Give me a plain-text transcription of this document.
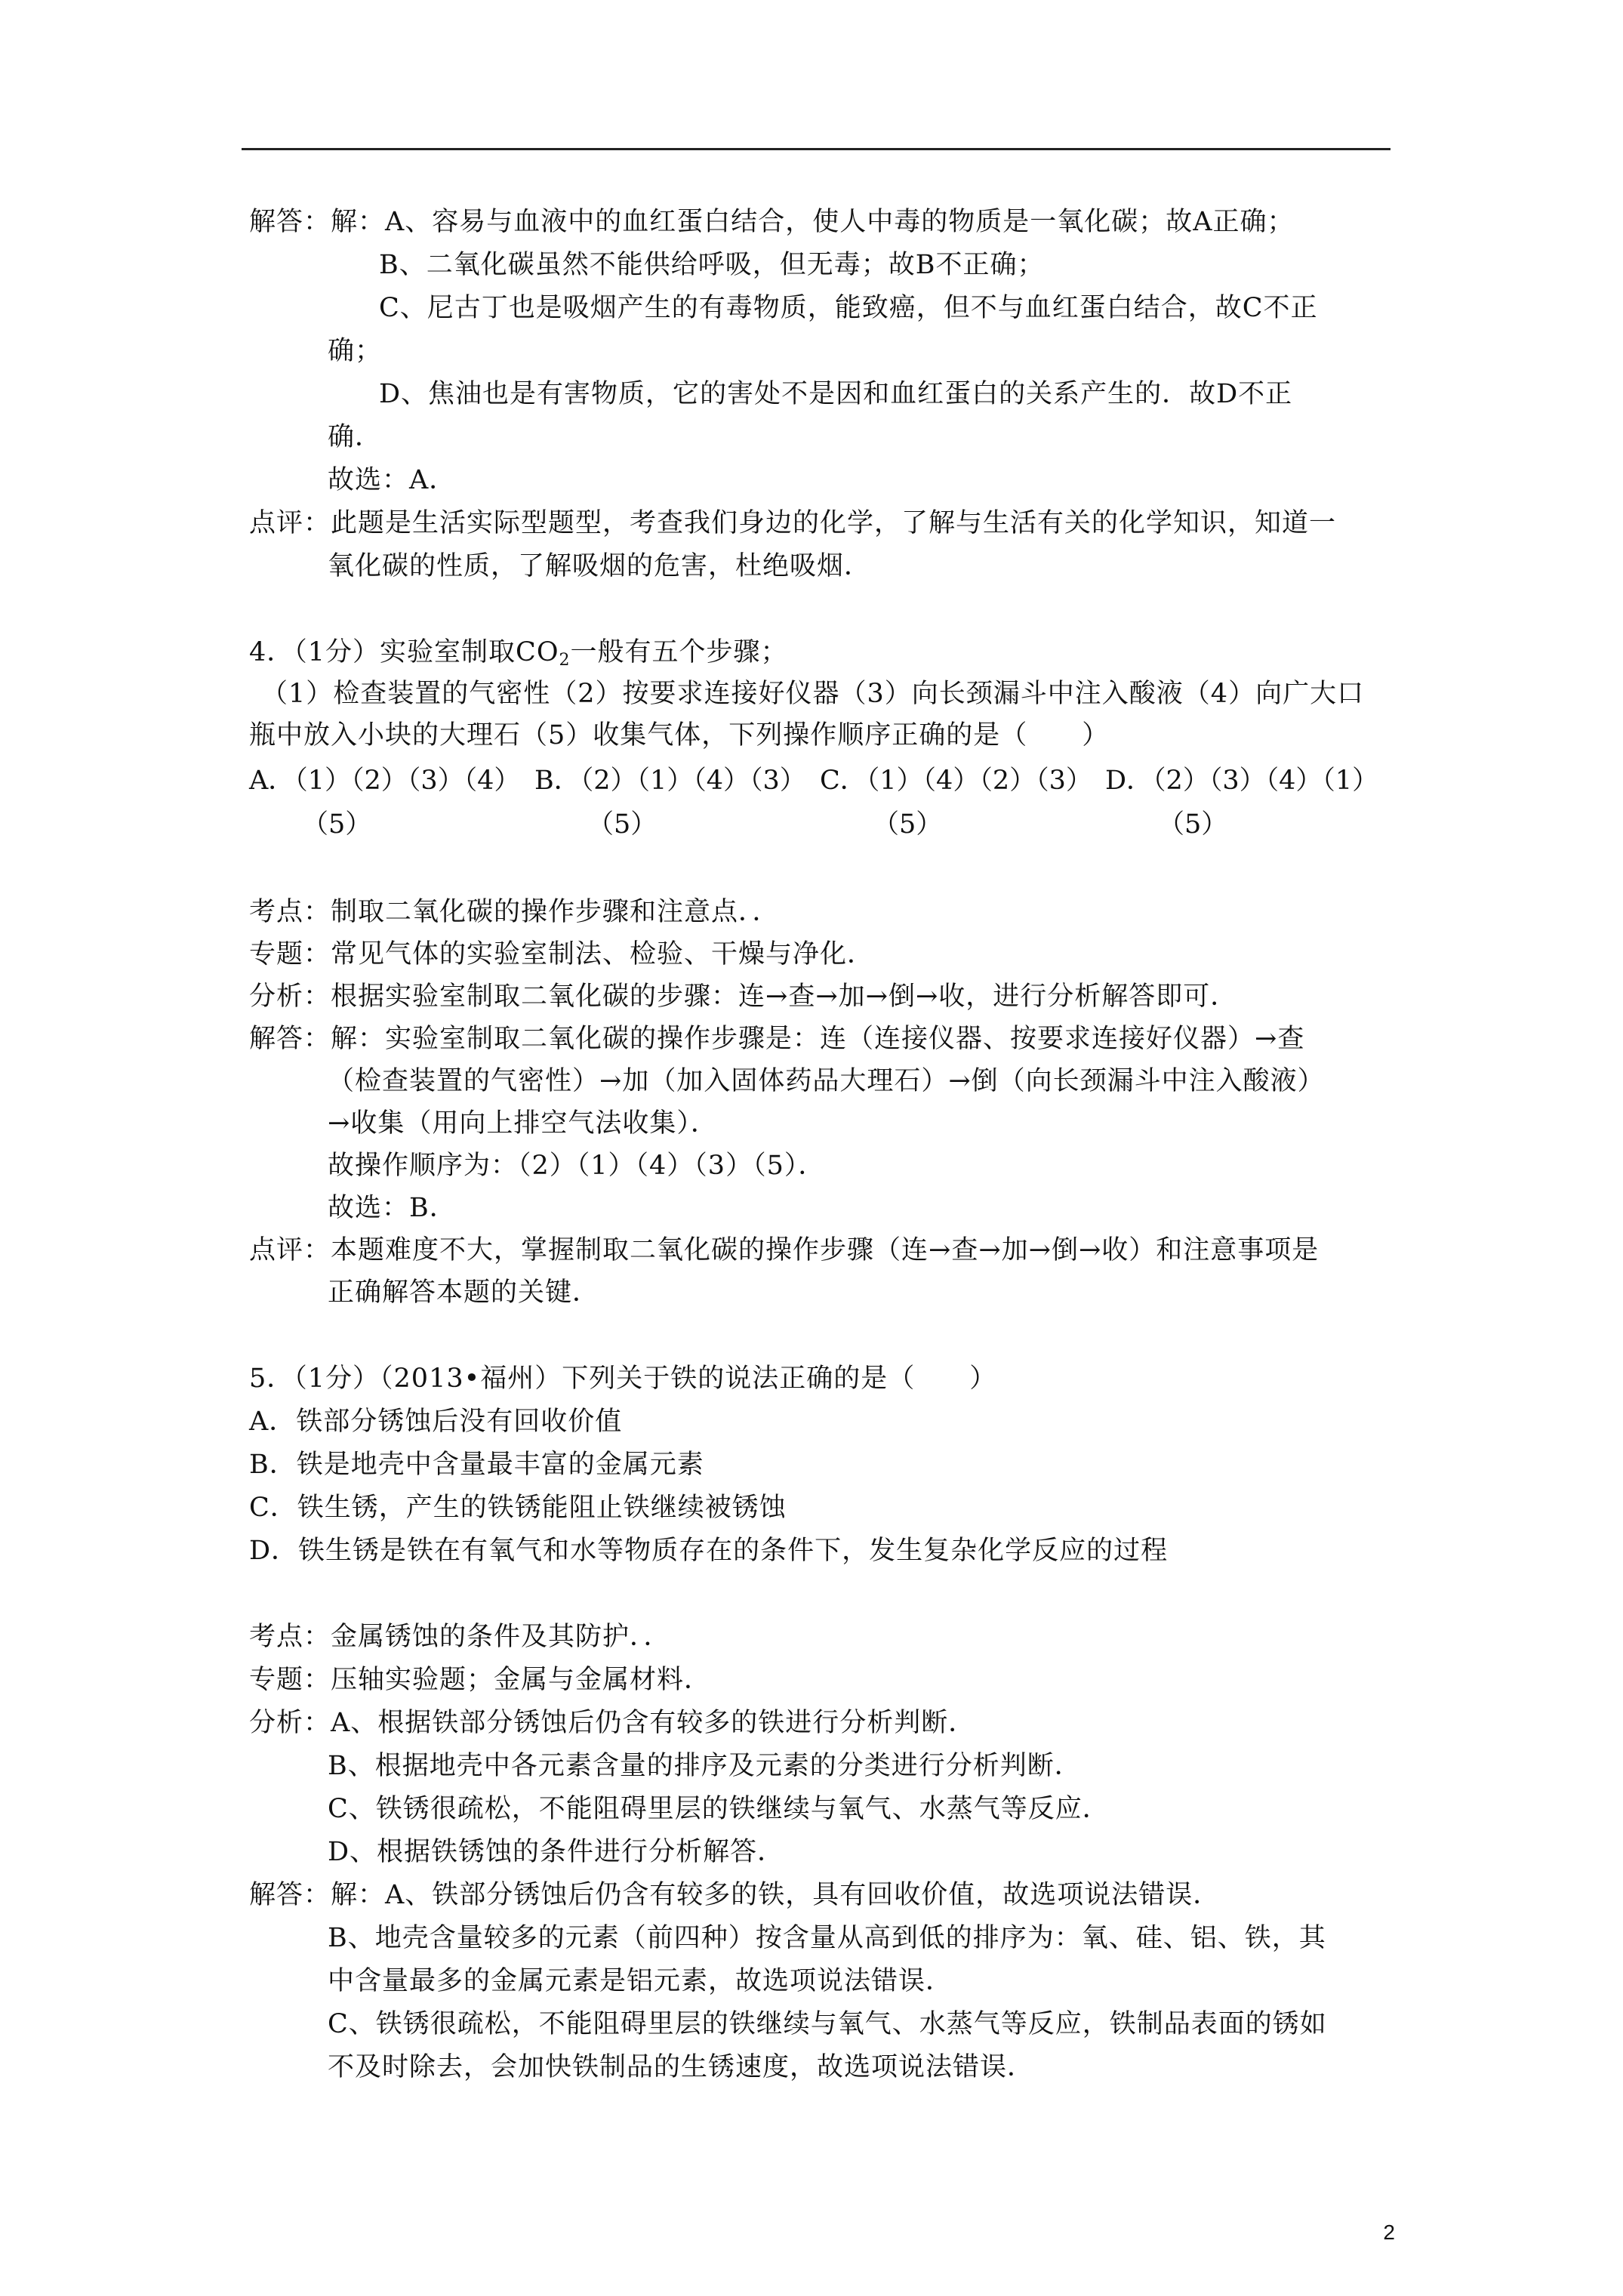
解答：解：A、容易与血液中的血红蛋白结合，使人中毒的物质是一氧化碳；故A正确；
B、二氧化碳虽然不能供给呼吸，但无毒；故B不正确；
C、尼古丁也是吸烟产生的有毒物质，能致癌，但不与血红蛋白结合，故C不正
确；
D、焦油也是有害物质，它的害处不是因和血红蛋白的关系产生的．故D不正
确．
故选：A．
点评：此题是生活实际型题型，考查我们身边的化学，了解与生活有关的化学知识，知道一
氧化碳的性质，了解吸烟的危害，杜绝吸烟．
4．（1分）实验室制取$CO_2$一般有五个步骤；
（1）检查装置的气密性（2）按要求连接好仪器（3）向长颈漏斗中注入酸液（4）向广大口
瓶中放入小块的大理石（5）收集气体，下列操作顺序正确的是（　　）
A．（1）（2）（3）（4）
（5）
B．（2）（1）（4）（3）
（5）
C．（1）（4）（2）（3）
（5）
D．（2）（3）（4）（1）
（5）
考点：制取二氧化碳的操作步骤和注意点．．
专题：常见气体的实验室制法、检验、干燥与净化．
分析：根据实验室制取二氧化碳的步骤：连→查→加→倒→收，进行分析解答即可．
解答：解：实验室制取二氧化碳的操作步骤是：连（连接仪器、按要求连接好仪器）→查
（检查装置的气密性）→加（加入固体药品大理石）→倒（向长颈漏斗中注入酸液）
→收集（用向上排空气法收集）．
故操作顺序为：（2）（1）（4）（3）（5）．
故选：B．
点评：本题难度不大，掌握制取二氧化碳的操作步骤（连→查→加→倒→收）和注意事项是
正确解答本题的关键．
5．（1分）（2013•福州）下列关于铁的说法正确的是（　　）
A．铁部分锈蚀后没有回收价值
B．铁是地壳中含量最丰富的金属元素
C．铁生锈，产生的铁锈能阻止铁继续被锈蚀
D．铁生锈是铁在有氧气和水等物质存在的条件下，发生复杂化学反应的过程
考点：金属锈蚀的条件及其防护．．
专题：压轴实验题；金属与金属材料．
分析：A、根据铁部分锈蚀后仍含有较多的铁进行分析判断．
B、根据地壳中各元素含量的排序及元素的分类进行分析判断．
C、铁锈很疏松，不能阻碍里层的铁继续与氧气、水蒸气等反应．
D、根据铁锈蚀的条件进行分析解答．
解答：解：A、铁部分锈蚀后仍含有较多的铁，具有回收价值，故选项说法错误．
B、地壳含量较多的元素（前四种）按含量从高到低的排序为：氧、硅、铝、铁，其
中含量最多的金属元素是铝元素，故选项说法错误．
C、铁锈很疏松，不能阻碍里层的铁继续与氧气、水蒸气等反应，铁制品表面的锈如
不及时除去，会加快铁制品的生锈速度，故选项说法错误．
2
